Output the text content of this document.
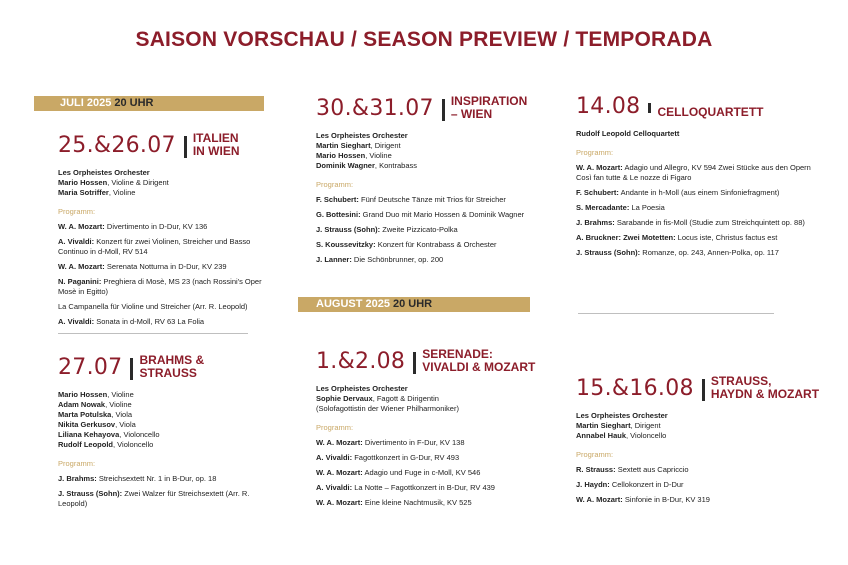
SAISON VORSCHAU / SEASON PREVIEW / TEMPORADA
JULI 2025 20 UHR
AUGUST 2025 20 UHR
25.&26.07 ITALIEN
IN WIEN
Les Orpheistes Orchester
Mario Hossen, Violine & Dirigent
Maria Sotriffer, Violine
Programm:
W. A. Mozart: Divertimento in D-Dur, KV 136
A. Vivaldi: Konzert für zwei Violinen, Streicher und Basso Continuo in d-Moll, RV 514
W. A. Mozart: Serenata Notturna in D-Dur, KV 239
N. Paganini: Preghiera di Mosè, MS 23 (nach Rossini's Oper Mosè in Egitto)
La Campanella für Violine und Streicher (Arr. R. Leopold)
A. Vivaldi: Sonata in d-Moll, RV 63 La Folia
27.07 BRAHMS &
STRAUSS
Mario Hossen, Violine
Adam Nowak, Violine
Marta Potulska, Viola
Nikita Gerkusov, Viola
Liliana Kehayova, Violoncello
Rudolf Leopold, Violoncello
Programm:
J. Brahms: Streichsextett Nr. 1 in B-Dur, op. 18
J. Strauss (Sohn): Zwei Walzer für Streichsextett (Arr. R. Leopold)
30.&31.07 INSPIRATION
– WIEN
Les Orpheistes Orchester
Martin Sieghart, Dirigent
Mario Hossen, Violine
Dominik Wagner, Kontrabass
Programm:
F. Schubert: Fünf Deutsche Tänze mit Trios für Streicher
G. Bottesini: Grand Duo mit Mario Hossen & Dominik Wagner
J. Strauss (Sohn): Zweite Pizzicato-Polka
S. Koussevitzky: Konzert für Kontrabass & Orchester
J. Lanner: Die Schönbrunner, op. 200
1.&2.08 SERENADE:
VIVALDI & MOZART
Les Orpheistes Orchester
Sophie Dervaux, Fagott & Dirigentin
(Solofagottistin der Wiener Philharmoniker)
Programm:
W. A. Mozart: Divertimento in F-Dur, KV 138
A. Vivaldi: Fagottkonzert in G-Dur, RV 493
W. A. Mozart: Adagio und Fuge in c-Moll, KV 546
A. Vivaldi: La Notte – Fagottkonzert in B-Dur, RV 439
W. A. Mozart: Eine kleine Nachtmusik, KV 525
14.08 CELLOQUARTETT
Rudolf Leopold Celloquartett
Programm:
W. A. Mozart: Adagio und Allegro, KV 594 Zwei Stücke aus den Opern Così fan tutte & Le nozze di Figaro
F. Schubert: Andante in h-Moll (aus einem Sinfoniefragment)
S. Mercadante: La Poesia
J. Brahms: Sarabande in fis-Moll (Studie zum Streichquintett op. 88)
A. Bruckner: Zwei Motetten: Locus iste, Christus factus est
J. Strauss (Sohn): Romanze, op. 243, Annen-Polka, op. 117
15.&16.08 STRAUSS,
HAYDN & MOZART
Les Orpheistes Orchester
Martin Sieghart, Dirigent
Annabel Hauk, Violoncello
Programm:
R. Strauss: Sextett aus Capriccio
J. Haydn: Cellokonzert in D-Dur
W. A. Mozart: Sinfonie in B-Dur, KV 319
